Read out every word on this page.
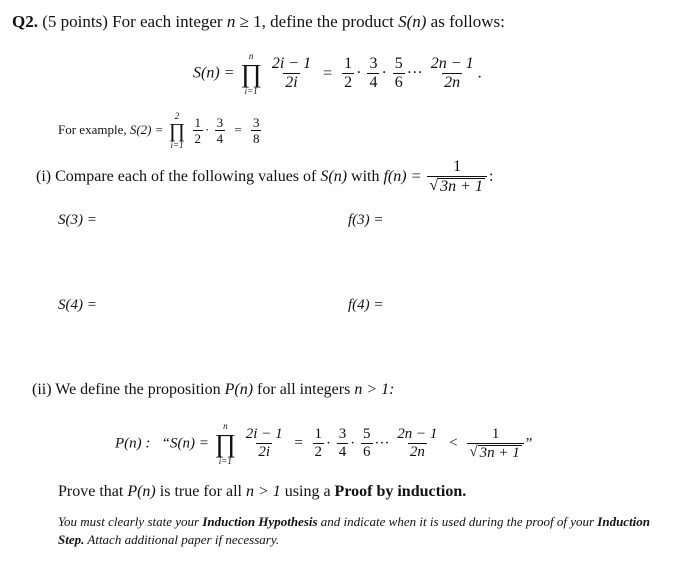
Q2. (5 points) For each integer n ≥ 1, define the product S(n) as follows:
S(n) =
n
∏
i=1
$\frac{2i - 1}{2i} = \frac{1}{2} \cdot \frac{3}{4} \cdot \frac{5}{6}$ ··· $\frac{2n - 1}{2n}$ .
For example, S(2) =
2
∏
i=1
$\frac{1}{2} \cdot \frac{3}{4} = \frac{3}{8}$
(i) Compare each of the following values of S(n) with $f(n) = \frac{1}{√ 3n + 1}$ :
S(3) =	f(3) =
S(4) =	f(4) =
(ii) We define the proposition P(n) for all integers n > 1:
P(n) : “S(n) =
n
∏
i=1

$\frac{2i - 1}{2i} = \frac{1}{2} \cdot \frac{3}{4} \cdot \frac{5}{6}$ ··· $\frac{2n - 1}{2n} < \frac{1}{√ 3n + 1}$ ”
Prove that P(n) is true for all n > 1 using a Proof by induction.
You must clearly state your Induction Hypothesis and indicate when it is used during the proof of your Induction Step. Attach additional paper if necessary.
